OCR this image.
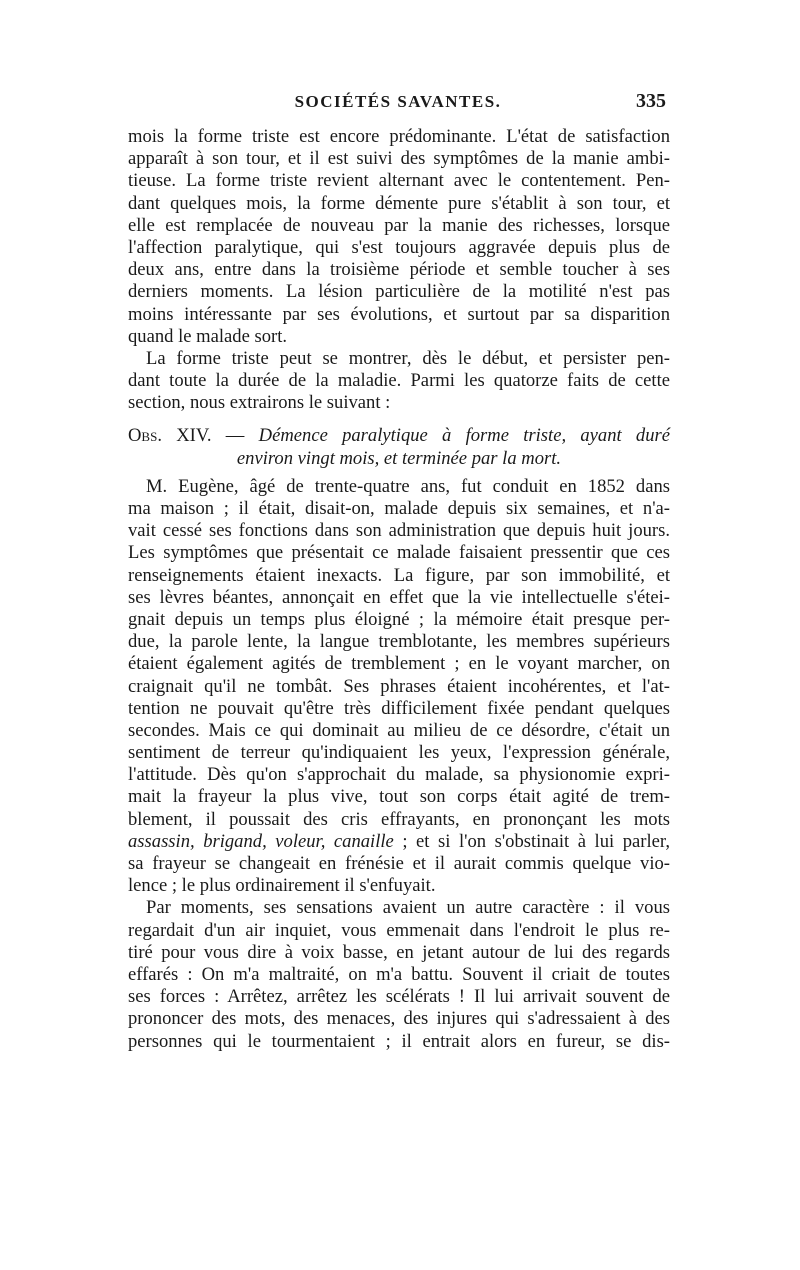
SOCIÉTÉS SAVANTES.	335
mois la forme triste est encore prédominante. L'état de satisfaction
apparaît à son tour, et il est suivi des symptômes de la manie ambi-
tieuse. La forme triste revient alternant avec le contentement. Pen-
dant quelques mois, la forme démente pure s'établit à son tour, et
elle est remplacée de nouveau par la manie des richesses, lorsque
l'affection paralytique, qui s'est toujours aggravée depuis plus de
deux ans, entre dans la troisième période et semble toucher à ses
derniers moments. La lésion particulière de la motilité n'est pas
moins intéressante par ses évolutions, et surtout par sa disparition
quand le malade sort.
La forme triste peut se montrer, dès le début, et persister pen-
dant toute la durée de la maladie. Parmi les quatorze faits de cette
section, nous extrairons le suivant :
Obs. XIV. — Démence paralytique à forme triste, ayant duré
environ vingt mois, et terminée par la mort.
M. Eugène, âgé de trente-quatre ans, fut conduit en 1852 dans
ma maison ; il était, disait-on, malade depuis six semaines, et n'a-
vait cessé ses fonctions dans son administration que depuis huit jours.
Les symptômes que présentait ce malade faisaient pressentir que ces
renseignements étaient inexacts. La figure, par son immobilité, et
ses lèvres béantes, annonçait en effet que la vie intellectuelle s'étei-
gnait depuis un temps plus éloigné ; la mémoire était presque per-
due, la parole lente, la langue tremblotante, les membres supérieurs
étaient également agités de tremblement ; en le voyant marcher, on
craignait qu'il ne tombât. Ses phrases étaient incohérentes, et l'at-
tention ne pouvait qu'être très difficilement fixée pendant quelques
secondes. Mais ce qui dominait au milieu de ce désordre, c'était un
sentiment de terreur qu'indiquaient les yeux, l'expression générale,
l'attitude. Dès qu'on s'approchait du malade, sa physionomie expri-
mait la frayeur la plus vive, tout son corps était agité de trem-
blement, il poussait des cris effrayants, en prononçant les mots
assassin, brigand, voleur, canaille ; et si l'on s'obstinait à lui parler,
sa frayeur se changeait en frénésie et il aurait commis quelque vio-
lence ; le plus ordinairement il s'enfuyait.
Par moments, ses sensations avaient un autre caractère : il vous
regardait d'un air inquiet, vous emmenait dans l'endroit le plus re-
tiré pour vous dire à voix basse, en jetant autour de lui des regards
effarés : On m'a maltraité, on m'a battu. Souvent il criait de toutes
ses forces : Arrêtez, arrêtez les scélérats ! Il lui arrivait souvent de
prononcer des mots, des menaces, des injures qui s'adressaient à des
personnes qui le tourmentaient ; il entrait alors en fureur, se dis-
